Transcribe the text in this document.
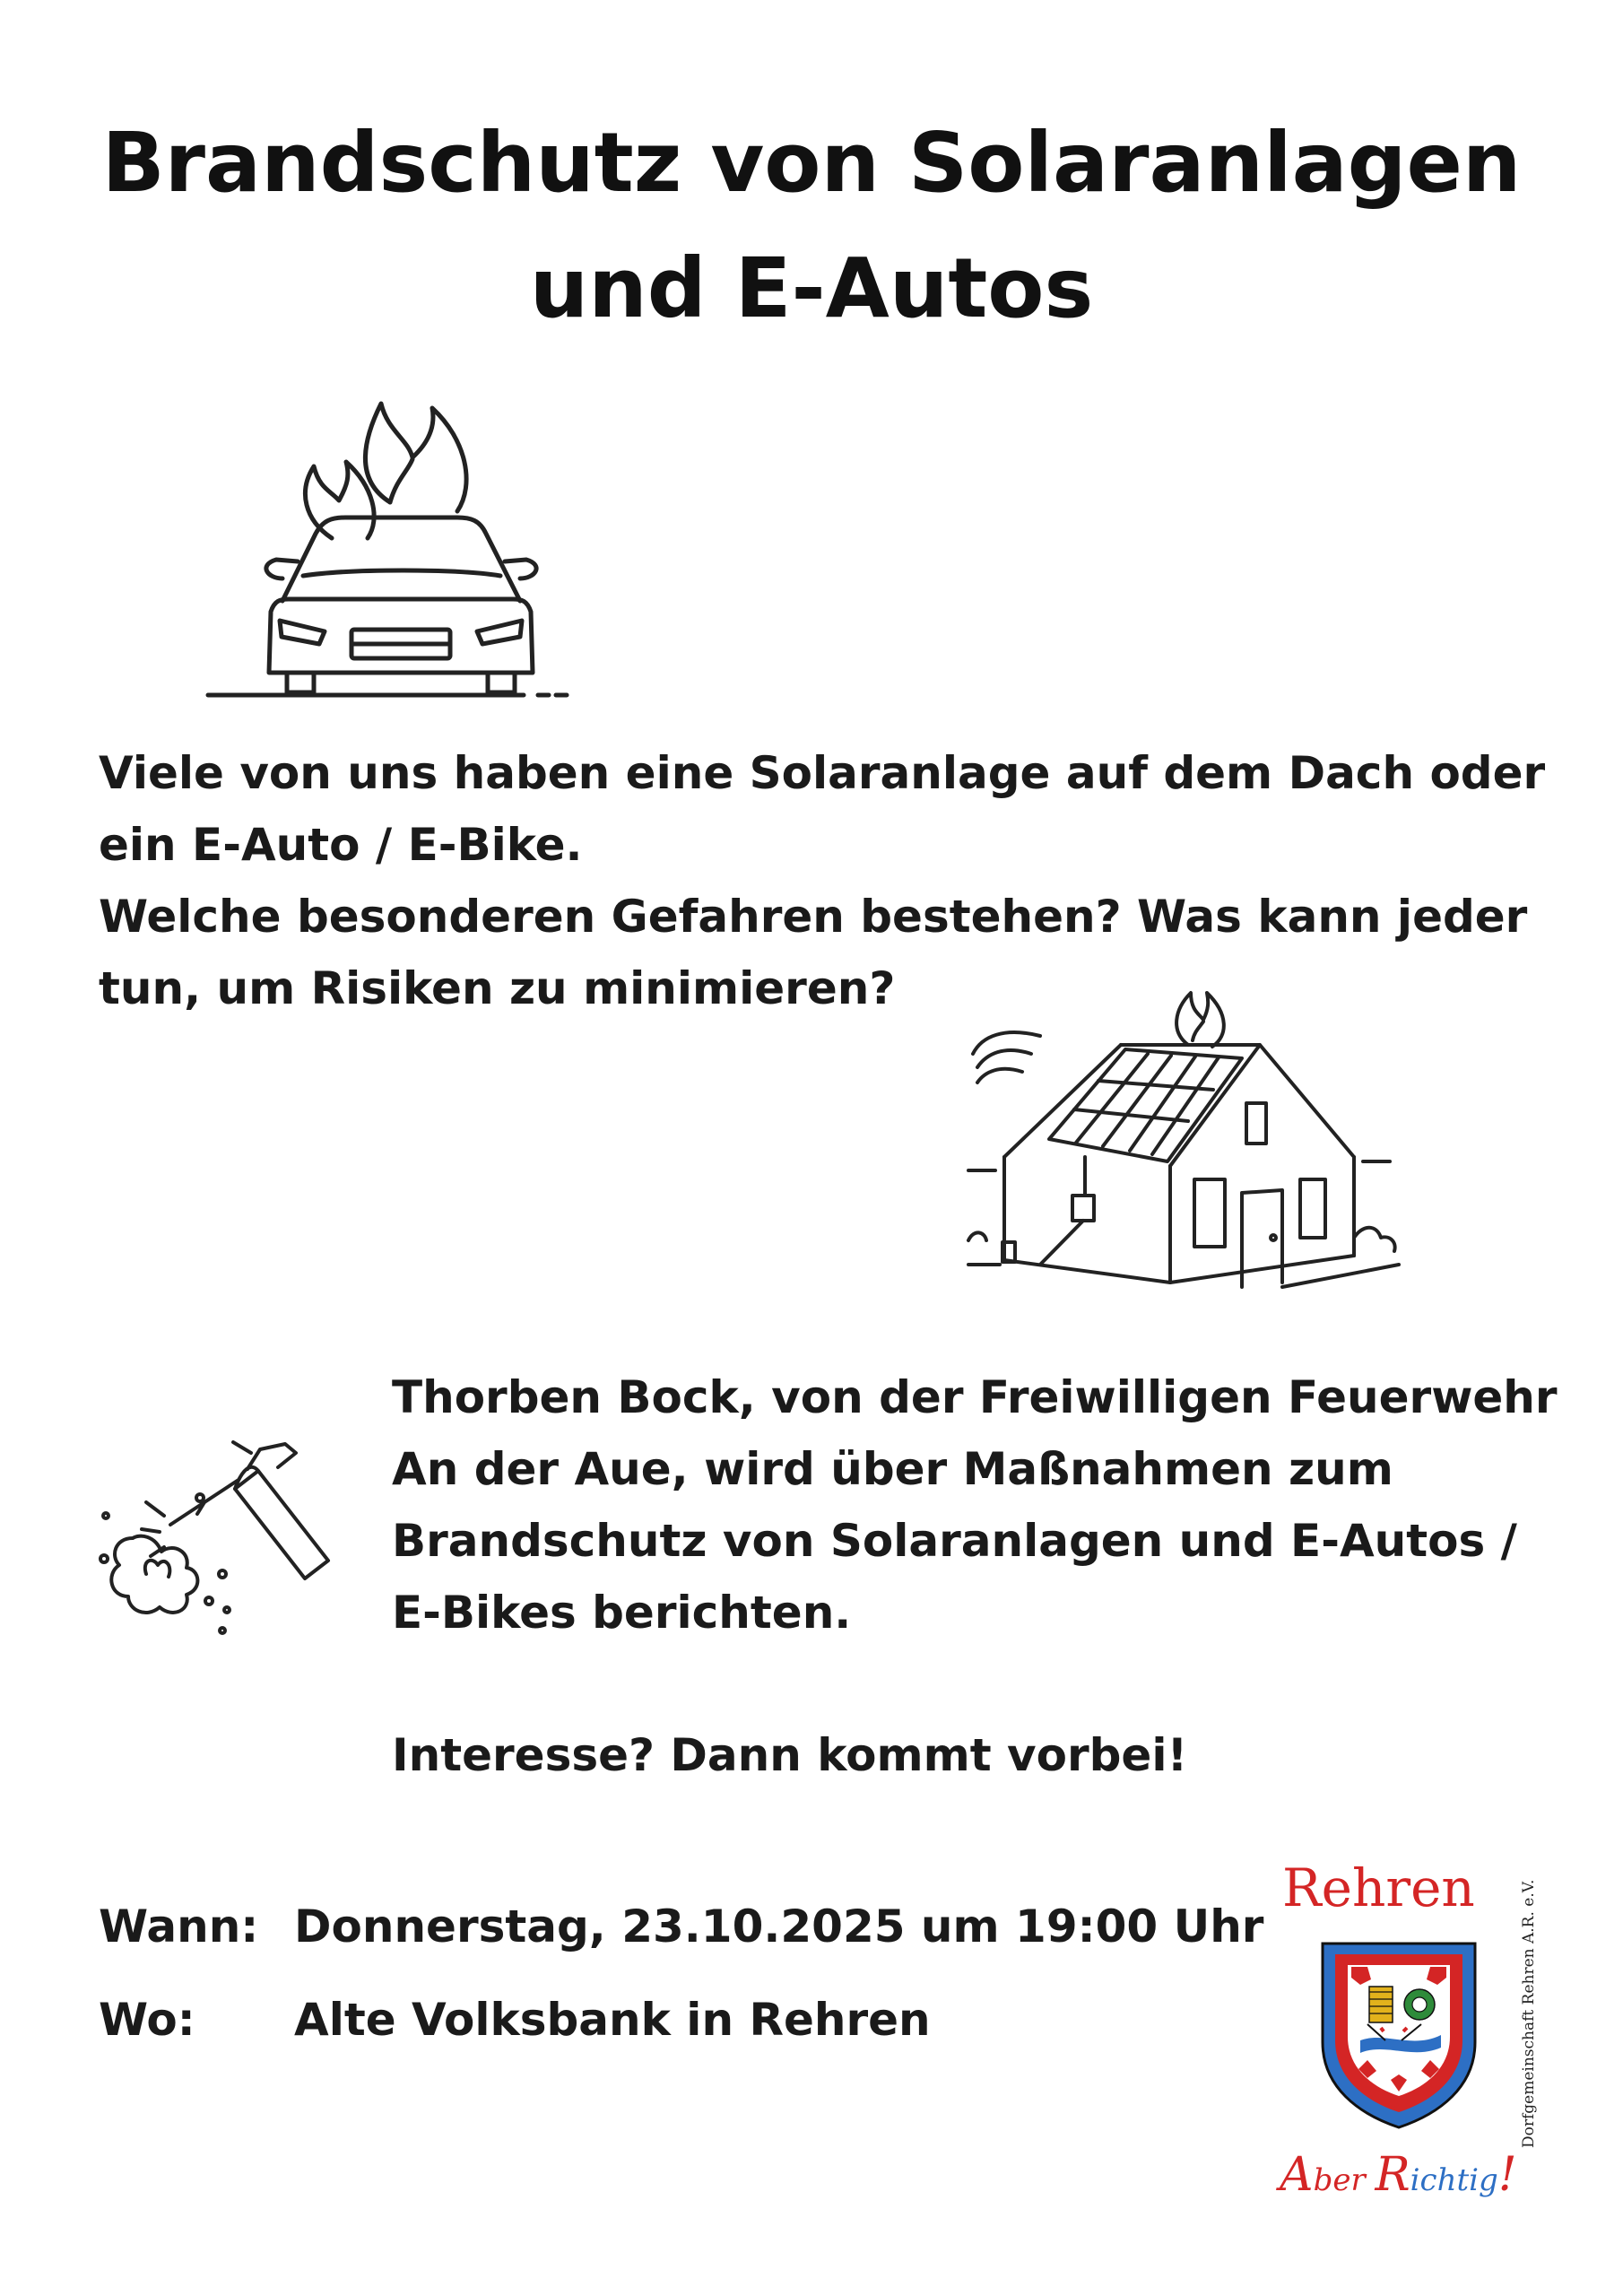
Brandschutz von Solaranlagen
und E-Autos
Viele von uns haben eine Solaranlage auf dem Dach oder
ein E-Auto / E-Bike.
Welche besonderen Gefahren bestehen? Was kann jeder
tun, um Risiken zu minimieren?
Thorben Bock, von der Freiwilligen Feuerwehr
An der Aue, wird über Maßnahmen zum
Brandschutz von Solaranlagen und E-Autos /
E-Bikes berichten.
Interesse? Dann kommt vorbei!
Wann: Donnerstag, 23.10.2025 um 19:00 Uhr
Wo: Alte Volksbank in Rehren
Rehren
Aber Richtig!
Dorfgemeinschaft Rehren A.R. e.V.
